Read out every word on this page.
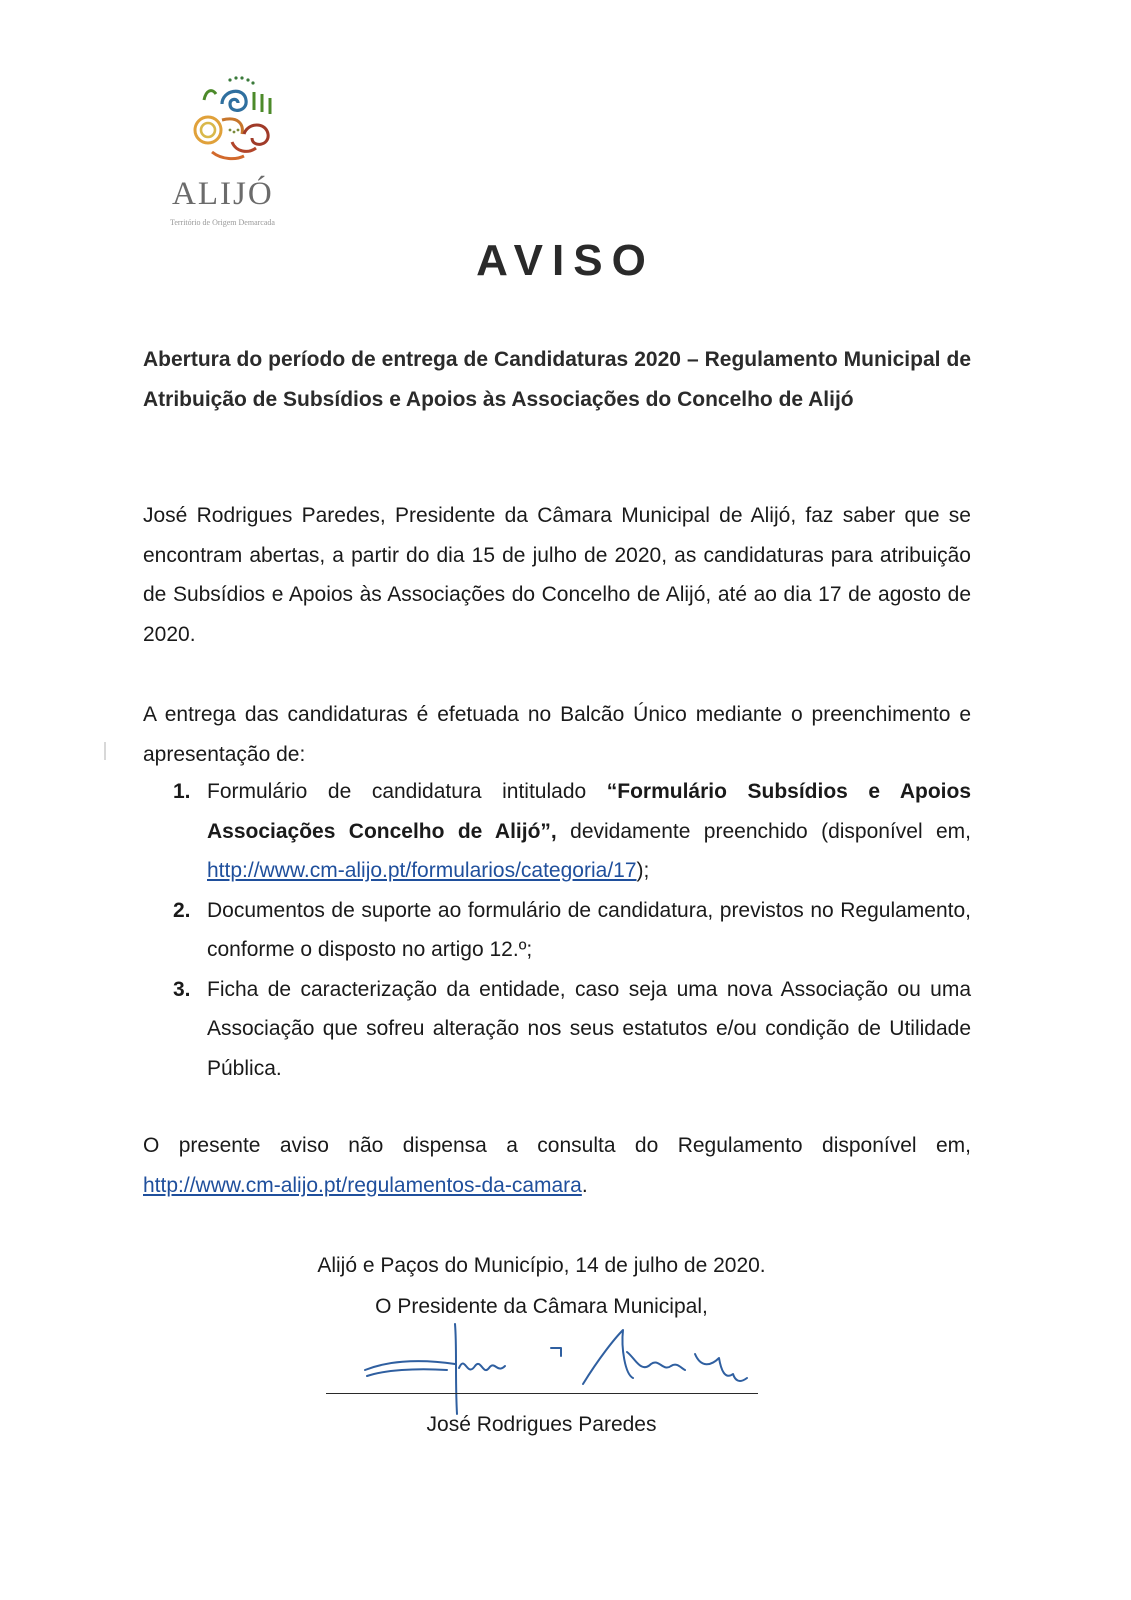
ALIJÓ
Território de Origem Demarcada
AVISO
Abertura do período de entrega de Candidaturas 2020 – Regulamento Municipal de Atribuição de Subsídios e Apoios às Associações do Concelho de Alijó
José Rodrigues Paredes, Presidente da Câmara Municipal de Alijó, faz saber que se encontram abertas, a partir do dia 15 de julho de 2020, as candidaturas para atribuição de Subsídios e Apoios às Associações do Concelho de Alijó, até ao dia 17 de agosto de 2020.
A entrega das candidaturas é efetuada no Balcão Único mediante o preenchimento e apresentação de:
1. Formulário de candidatura intitulado “Formulário Subsídios e Apoios Associações Concelho de Alijó”, devidamente preenchido (disponível em, http://www.cm-alijo.pt/formularios/categoria/17);
2. Documentos de suporte ao formulário de candidatura, previstos no Regulamento, conforme o disposto no artigo 12.º;
3. Ficha de caracterização da entidade, caso seja uma nova Associação ou uma Associação que sofreu alteração nos seus estatutos e/ou condição de Utilidade Pública.
O presente aviso não dispensa a consulta do Regulamento disponível em, http://www.cm-alijo.pt/regulamentos-da-camara.
Alijó e Paços do Município, 14 de julho de 2020.
O Presidente da Câmara Municipal,
José Rodrigues Paredes
